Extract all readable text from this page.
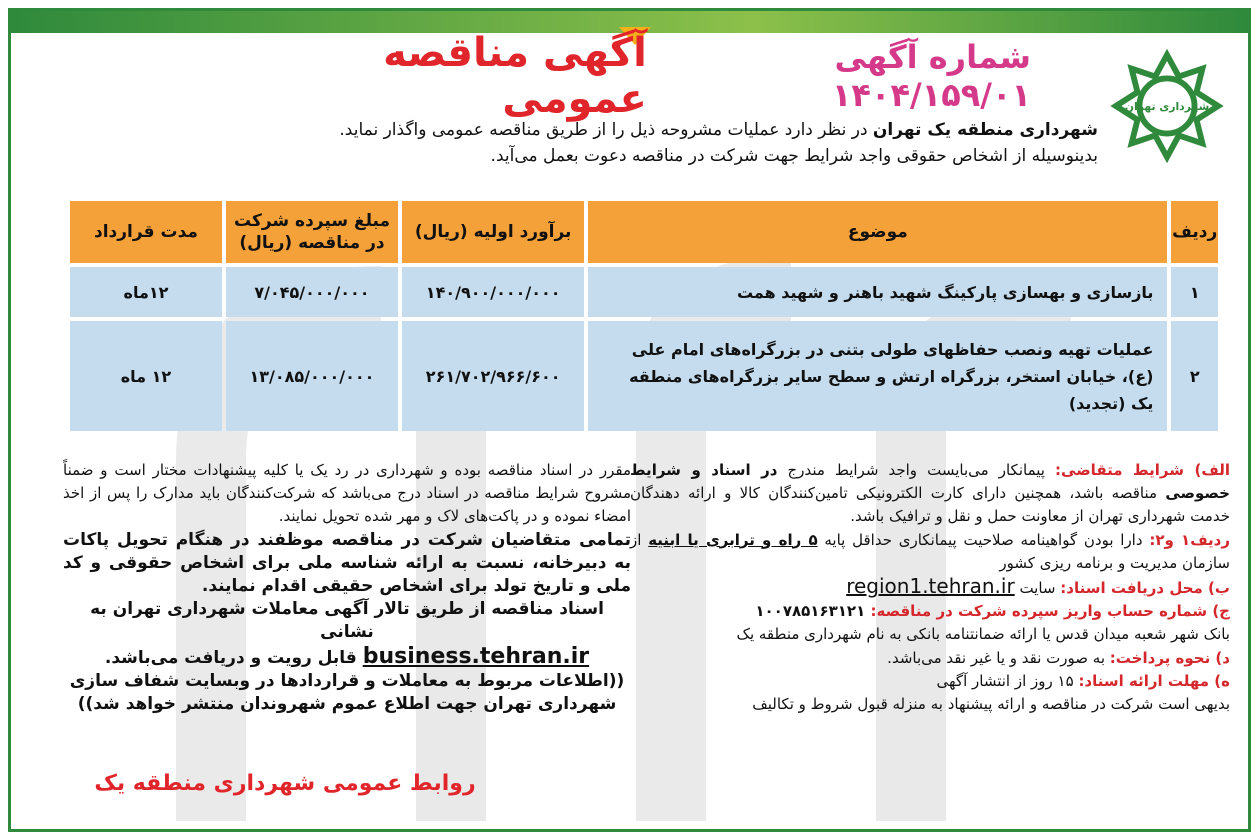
شهرداری تهران
آگهی مناقصه عمومی
شماره آگهی ۱۴۰۴/۱۵۹/۰۱
شهرداری منطقه یک تهران در نظر دارد عملیات مشروحه ذیل را از طریق مناقصه عمومی واگذار نماید.
بدینوسیله از اشخاص حقوقی واجد شرایط جهت شرکت در مناقصه دعوت بعمل می‌آید.
ردیف	موضوع	برآورد اولیه (ریال)	مبلغ سپرده شرکت در مناقصه (ریال)	مدت قرارداد
۱	بازسازی و بهسازی پارکینگ شهید باهنر و شهید همت	۱۴۰/۹۰۰/۰۰۰/۰۰۰	۷/۰۴۵/۰۰۰/۰۰۰	۱۲ماه
۲	عملیات تهیه ونصب حفاظهای طولی بتنی در بزرگراه‌های امام علی (ع)، خیابان استخر، بزرگراه ارتش و سطح سایر بزرگراه‌های منطقه یک (تجدید)	۲۶۱/۷۰۲/۹۶۶/۶۰۰	۱۳/۰۸۵/۰۰۰/۰۰۰	۱۲ ماه
الف) شرایط متقاضی: پیمانکار می‌بایست واجد شرایط مندرج در اسناد و شرایط خصوصی مناقصه باشد، همچنین دارای کارت الکترونیکی تامین‌کنندگان کالا و ارائه دهندگان خدمت شهرداری تهران از معاونت حمل و نقل و ترافیک باشد.
ردیف۱ و۲: دارا بودن گواهینامه صلاحیت پیمانکاری حداقل پایه ۵ راه و ترابری یا ابنیه از سازمان مدیریت و برنامه ریزی کشور
ب) محل دریافت اسناد: سایت region1.tehran.ir
ج) شماره حساب واریز سپرده شرکت در مناقصه: ۱۰۰۷۸۵۱۶۳۱۲۱
بانک شهر شعبه میدان قدس یا ارائه ضمانتنامه بانکی به نام شهرداری منطقه یک
د) نحوه پرداخت: به صورت نقد و یا غیر نقد می‌باشد.
ه) مهلت ارائه اسناد: ۱۵ روز از انتشار آگهی
بدیهی است شرکت در مناقصه و ارائه پیشنهاد به منزله قبول شروط و تکالیف
مقرر در اسناد مناقصه بوده و شهرداری در رد یک یا کلیه پیشنهادات مختار است و ضمناً مشروح شرایط مناقصه در اسناد درج می‌باشد که شرکت‌کنندگان باید مدارک را پس از اخذ امضاء نموده و در پاکت‌های لاک و مهر شده تحویل نمایند.
تمامی متقاضیان شرکت در مناقصه موظفند در هنگام تحویل پاکات به دبیرخانه، نسبت به ارائه شناسه ملی برای اشخاص حقوقی و کد ملی و تاریخ تولد برای اشخاص حقیقی اقدام نمایند.
اسناد مناقصه از طریق تالار آگهی معاملات شهرداری تهران به نشانی
business.tehran.ir قابل رویت و دریافت می‌باشد.
((اطلاعات مربوط به معاملات و قراردادها در وبسایت شفاف سازی شهرداری تهران جهت اطلاع عموم شهروندان منتشر خواهد شد))
روابط عمومی شهرداری منطقه یک
